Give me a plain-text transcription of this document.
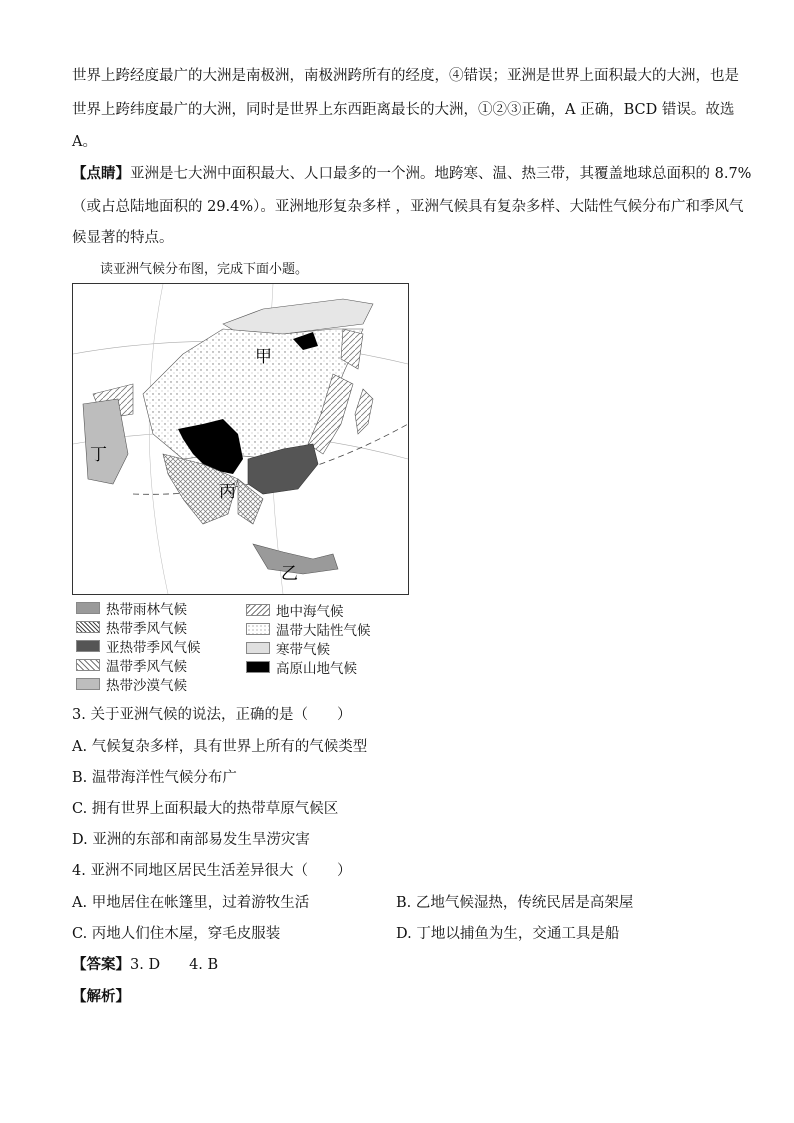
世界上跨经度最广的大洲是南极洲，南极洲跨所有的经度，④错误；亚洲是世界上面积最大的大洲，也是
世界上跨纬度最广的大洲，同时是世界上东西距离最长的大洲，①②③正确，A 正确，BCD 错误。故选
A。
【点睛】亚洲是七大洲中面积最大、人口最多的一个洲。地跨寒、温、热三带，其覆盖地球总面积的 8.7%
（或占总陆地面积的 29.4%）。亚洲地形复杂多样 ，亚洲气候具有复杂多样、大陆性气候分布广和季风气
候显著的特点。
读亚洲气候分布图，完成下面小题。
甲
乙
丙
丁
热带雨林气候
热带季风气候
亚热带季风气候
温带季风气候
热带沙漠气候
地中海气候
温带大陆性气候
寒带气候
高原山地气候
3. 关于亚洲气候的说法，正确的是（　　）
A. 气候复杂多样，具有世界上所有的气候类型
B. 温带海洋性气候分布广
C. 拥有世界上面积最大的热带草原气候区
D. 亚洲的东部和南部易发生旱涝灾害
4. 亚洲不同地区居民生活差异很大（　　）
A. 甲地居住在帐篷里，过着游牧生活	B. 乙地气候湿热，传统民居是高架屋
C. 丙地人们住木屋，穿毛皮服装	D. 丁地以捕鱼为生，交通工具是船
【答案】3. D　　4. B
【解析】
